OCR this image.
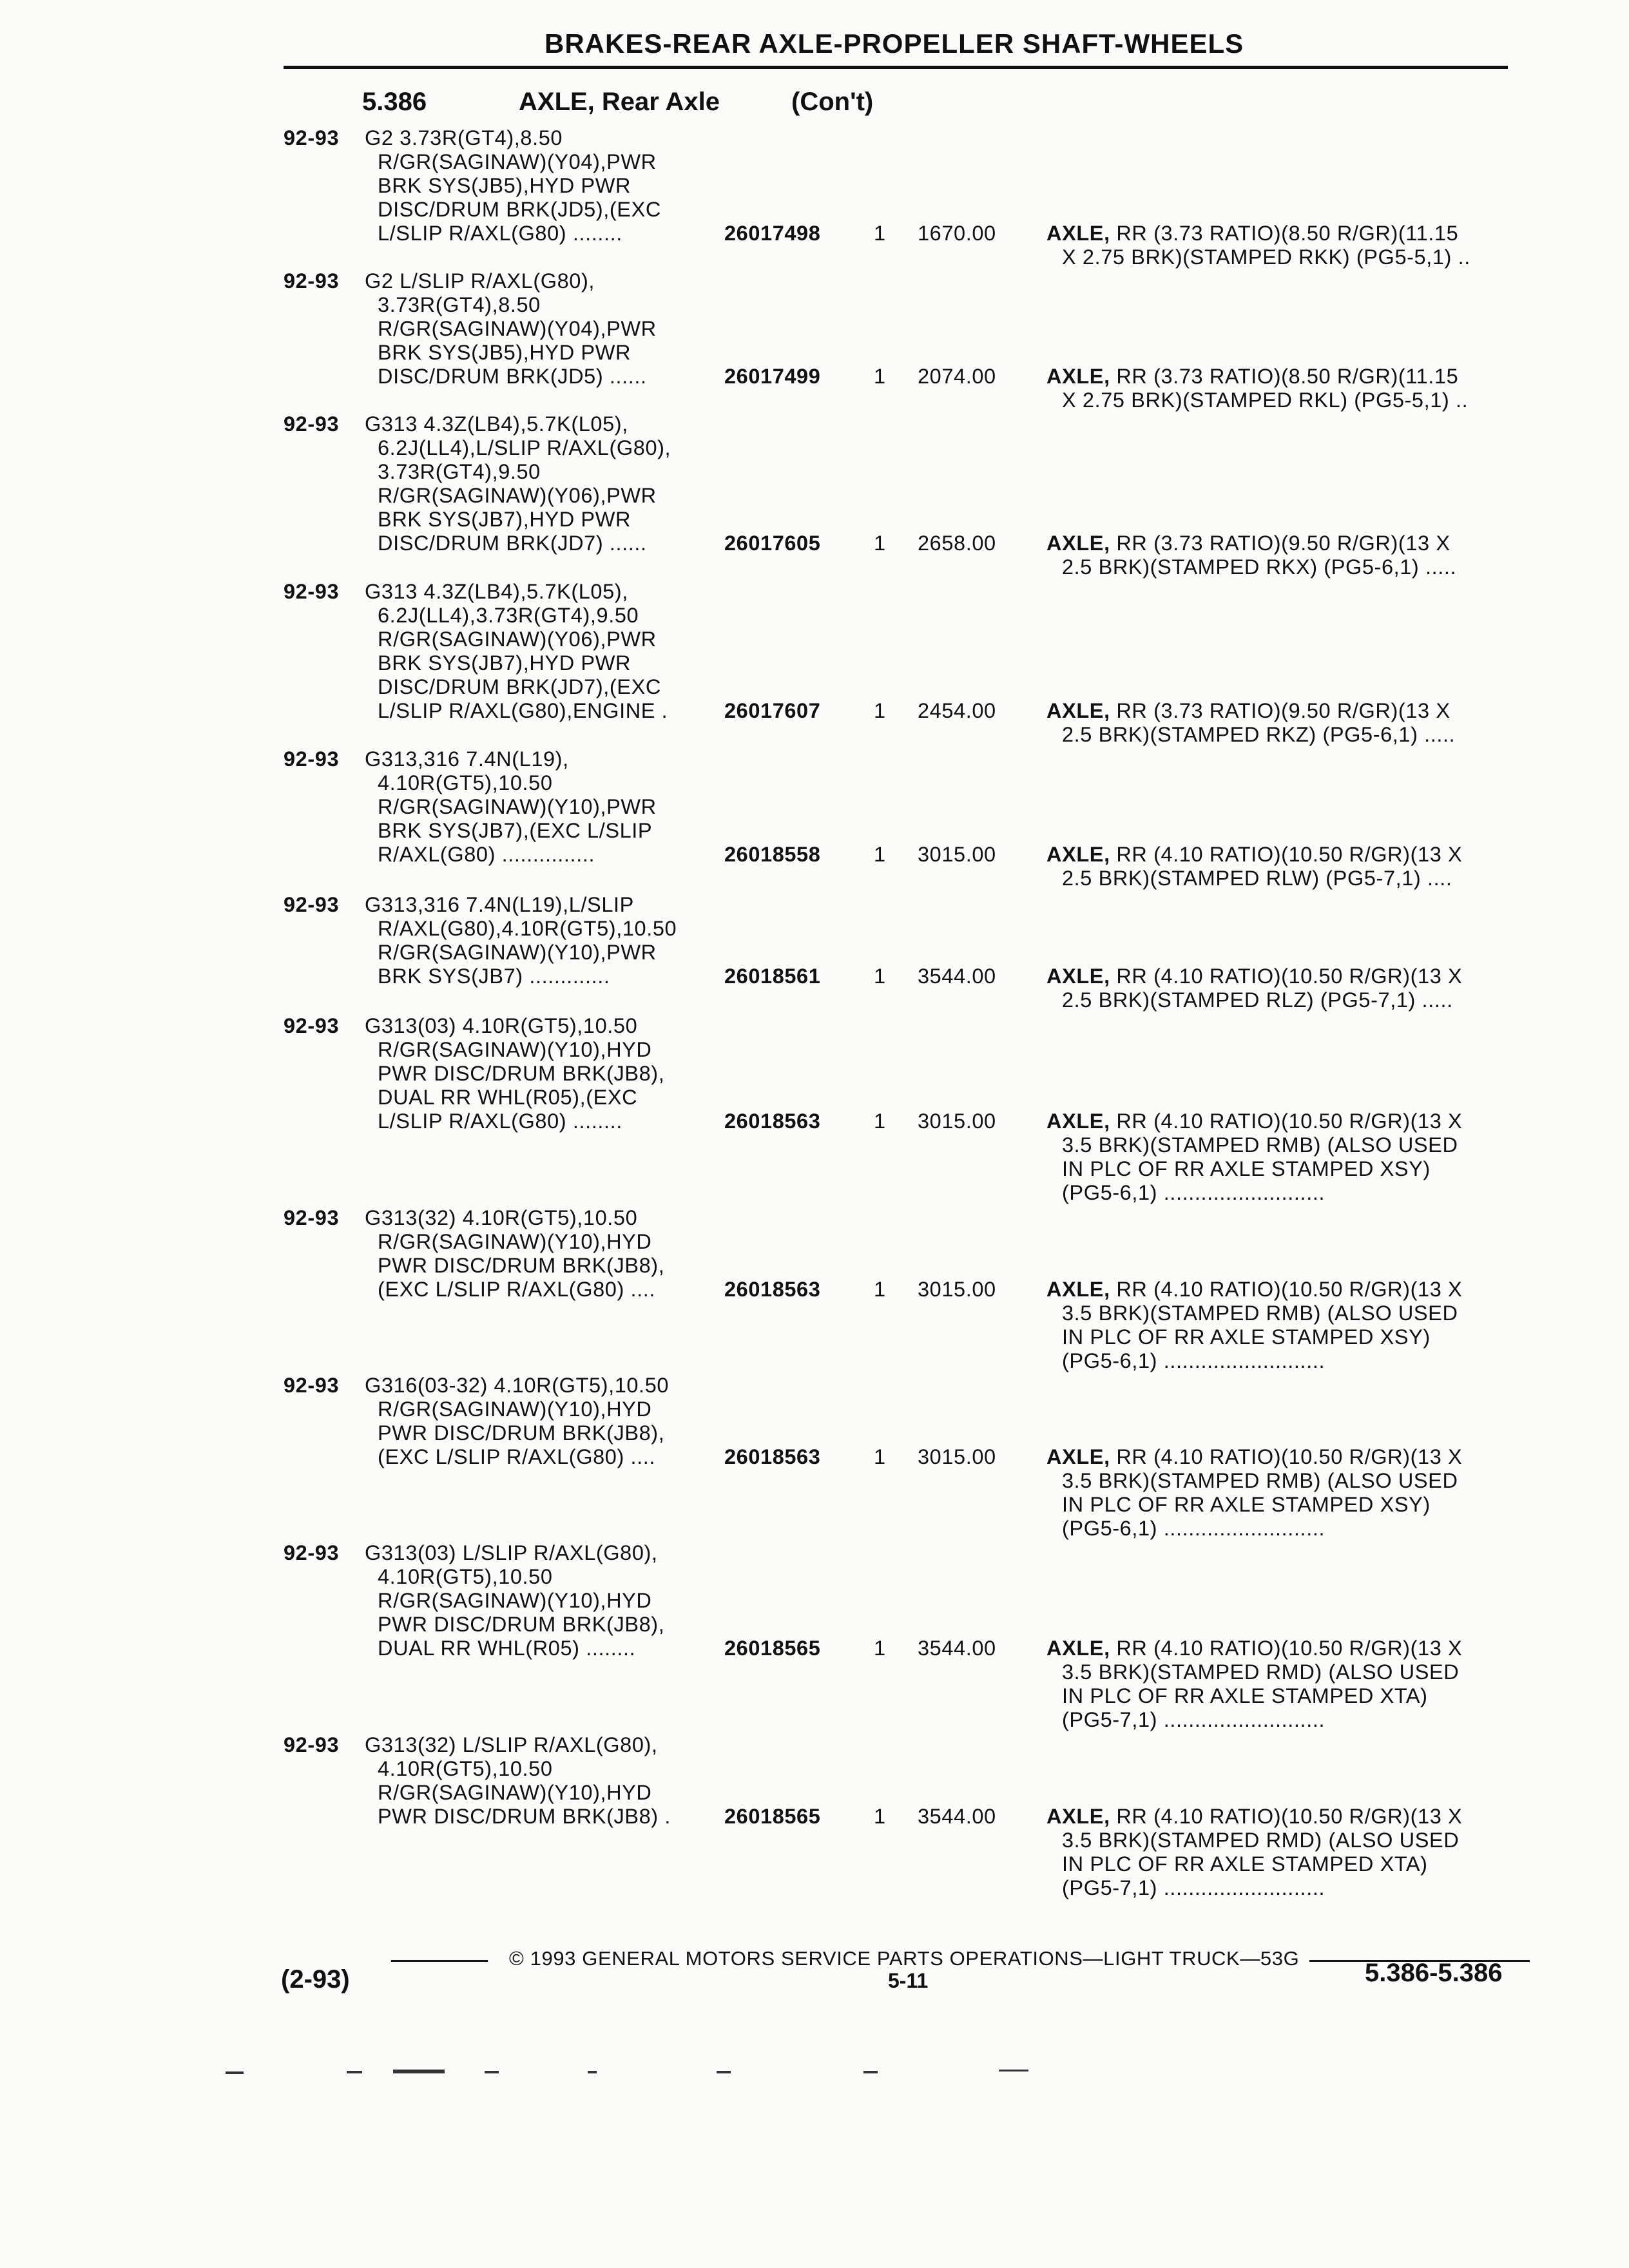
BRAKES-REAR AXLE-PROPELLER SHAFT-WHEELS
5.386	AXLE, Rear Axle	(Con't)
92-93 G2 3.73R(GT4),8.50
R/GR(SAGINAW)(Y04),PWR
BRK SYS(JB5),HYD PWR
DISC/DRUM BRK(JD5),(EXC
L/SLIP R/AXL(G80) ........	26017498	1 1670.00 AXLE, RR (3.73 RATIO)(8.50 R/GR)(11.15
X 2.75 BRK)(STAMPED RKK) (PG5-5,1) ..
92-93 G2 L/SLIP R/AXL(G80),
3.73R(GT4),8.50
R/GR(SAGINAW)(Y04),PWR
BRK SYS(JB5),HYD PWR
DISC/DRUM BRK(JD5) ......	26017499	1 2074.00 AXLE, RR (3.73 RATIO)(8.50 R/GR)(11.15
X 2.75 BRK)(STAMPED RKL) (PG5-5,1) ..
92-93 G313 4.3Z(LB4),5.7K(L05),
6.2J(LL4),L/SLIP R/AXL(G80),
3.73R(GT4),9.50
R/GR(SAGINAW)(Y06),PWR
BRK SYS(JB7),HYD PWR
DISC/DRUM BRK(JD7) ......	26017605	1 2658.00 AXLE, RR (3.73 RATIO)(9.50 R/GR)(13 X
2.5 BRK)(STAMPED RKX) (PG5-6,1) .....
92-93 G313 4.3Z(LB4),5.7K(L05),
6.2J(LL4),3.73R(GT4),9.50
R/GR(SAGINAW)(Y06),PWR
BRK SYS(JB7),HYD PWR
DISC/DRUM BRK(JD7),(EXC
L/SLIP R/AXL(G80),ENGINE .	26017607	1 2454.00 AXLE, RR (3.73 RATIO)(9.50 R/GR)(13 X
2.5 BRK)(STAMPED RKZ) (PG5-6,1) .....
92-93 G313,316 7.4N(L19),
4.10R(GT5),10.50
R/GR(SAGINAW)(Y10),PWR
BRK SYS(JB7),(EXC L/SLIP
R/AXL(G80) ...............	26018558	1 3015.00 AXLE, RR (4.10 RATIO)(10.50 R/GR)(13 X
2.5 BRK)(STAMPED RLW) (PG5-7,1) ....
92-93 G313,316 7.4N(L19),L/SLIP
R/AXL(G80),4.10R(GT5),10.50
R/GR(SAGINAW)(Y10),PWR
BRK SYS(JB7) .............	26018561	1 3544.00 AXLE, RR (4.10 RATIO)(10.50 R/GR)(13 X
2.5 BRK)(STAMPED RLZ) (PG5-7,1) .....
92-93 G313(03) 4.10R(GT5),10.50
R/GR(SAGINAW)(Y10),HYD
PWR DISC/DRUM BRK(JB8),
DUAL RR WHL(R05),(EXC
L/SLIP R/AXL(G80) ........	26018563	1 3015.00 AXLE, RR (4.10 RATIO)(10.50 R/GR)(13 X
3.5 BRK)(STAMPED RMB) (ALSO USED
IN PLC OF RR AXLE STAMPED XSY)
(PG5-6,1) ..........................
92-93 G313(32) 4.10R(GT5),10.50
R/GR(SAGINAW)(Y10),HYD
PWR DISC/DRUM BRK(JB8),
(EXC L/SLIP R/AXL(G80) ....	26018563	1 3015.00 AXLE, RR (4.10 RATIO)(10.50 R/GR)(13 X
3.5 BRK)(STAMPED RMB) (ALSO USED
IN PLC OF RR AXLE STAMPED XSY)
(PG5-6,1) ..........................
92-93 G316(03-32) 4.10R(GT5),10.50
R/GR(SAGINAW)(Y10),HYD
PWR DISC/DRUM BRK(JB8),
(EXC L/SLIP R/AXL(G80) ....	26018563	1 3015.00 AXLE, RR (4.10 RATIO)(10.50 R/GR)(13 X
3.5 BRK)(STAMPED RMB) (ALSO USED
IN PLC OF RR AXLE STAMPED XSY)
(PG5-6,1) ..........................
92-93 G313(03) L/SLIP R/AXL(G80),
4.10R(GT5),10.50
R/GR(SAGINAW)(Y10),HYD
PWR DISC/DRUM BRK(JB8),
DUAL RR WHL(R05) ........	26018565	1 3544.00 AXLE, RR (4.10 RATIO)(10.50 R/GR)(13 X
3.5 BRK)(STAMPED RMD) (ALSO USED
IN PLC OF RR AXLE STAMPED XTA)
(PG5-7,1) ..........................
92-93 G313(32) L/SLIP R/AXL(G80),
4.10R(GT5),10.50
R/GR(SAGINAW)(Y10),HYD
PWR DISC/DRUM BRK(JB8) .	26018565	1 3544.00 AXLE, RR (4.10 RATIO)(10.50 R/GR)(13 X
3.5 BRK)(STAMPED RMD) (ALSO USED
IN PLC OF RR AXLE STAMPED XTA)
(PG5-7,1) ..........................
© 1993 GENERAL MOTORS SERVICE PARTS OPERATIONS—LIGHT TRUCK—53G
(2-93)	5-11	5.386-5.386
